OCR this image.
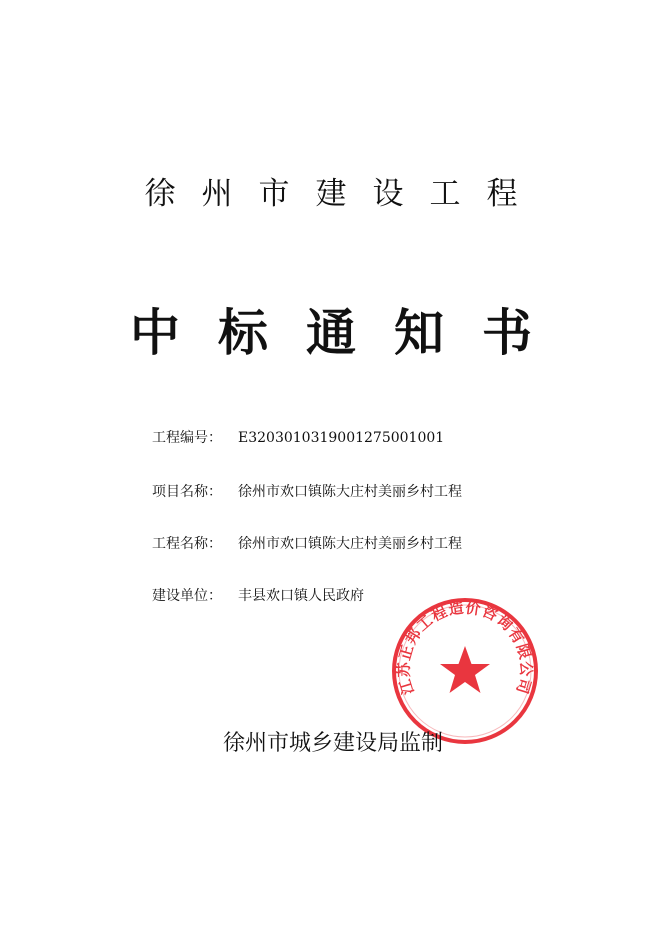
徐州市建设工程
中标通知书
工程编号： E3203010319001275001001
项目名称： 徐州市欢口镇陈大庄村美丽乡村工程
工程名称： 徐州市欢口镇陈大庄村美丽乡村工程
建设单位： 丰县欢口镇人民政府
江苏正邦工程造价咨询有限公司
徐州市城乡建设局监制
